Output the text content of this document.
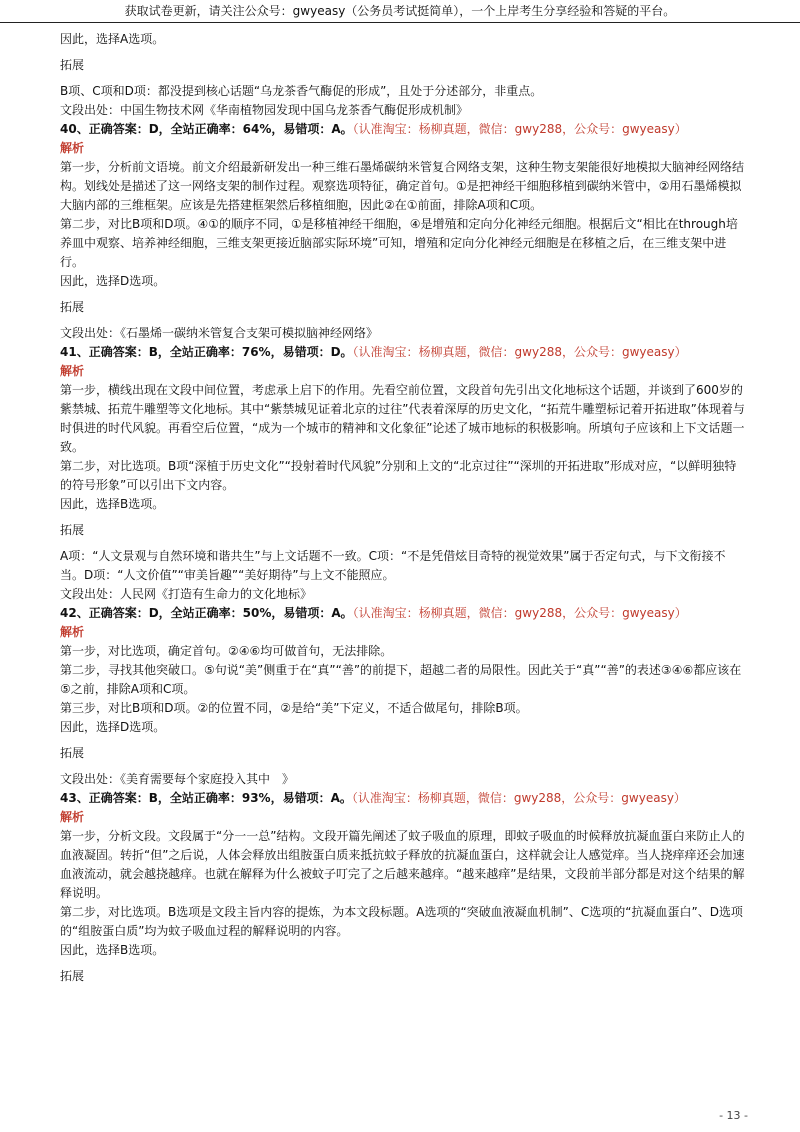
获取试卷更新，请关注公众号：gwyeasy（公务员考试挺简单），一个上岸考生分享经验和答疑的平台。

因此，选择A选项。

拓展

B项、C项和D项：都没提到核心话题“乌龙茶香气酶促的形成”，且处于分述部分，非重点。

文段出处：中国生物技术网《华南植物园发现中国乌龙茶香气酶促形成机制》

40、正确答案：D，全站正确率：64%，易错项：A。（认准淘宝：杨柳真题，微信：gwy288，公众号：gwyeasy）

解析

第一步，分析前文语境。前文介绍最新研发出一种三维石墨烯碳纳米管复合网络支架，这种生物支架能很好地模拟大脑神经网络结构。划线处是描述了这一网络支架的制作过程。观察选项特征，确定首句。①是把神经干细胞移植到碳纳米管中，②用石墨烯模拟大脑内部的三维框架。应该是先搭建框架然后移植细胞，因此②在①前面，排除A项和C项。

第二步，对比B项和D项。④①的顺序不同，①是移植神经干细胞，④是增殖和定向分化神经元细胞。根据后文“相比在through培养皿中观察、培养神经细胞，三维支架更接近脑部实际环境”可知，增殖和定向分化神经元细胞是在移植之后，在三维支架中进行。

因此，选择D选项。

拓展

文段出处：《石墨烯一碳纳米管复合支架可模拟脑神经网络》

41、正确答案：B，全站正确率：76%，易错项：D。（认准淘宝：杨柳真题，微信：gwy288，公众号：gwyeasy）

解析

第一步，横线出现在文段中间位置，考虑承上启下的作用。先看空前位置，文段首句先引出文化地标这个话题，并谈到了600岁的紫禁城、拓荒牛雕塑等文化地标。其中“紫禁城见证着北京的过往”代表着深厚的历史文化，“拓荒牛雕塑标记着开拓进取”体现着与时俱进的时代风貌。再看空后位置，“成为一个城市的精神和文化象征”论述了城市地标的积极影响。所填句子应该和上下文话题一致。

第二步，对比选项。B项“深植于历史文化”“投射着时代风貌”分别和上文的“北京过往”“深圳的开拓进取”形成对应，“以鲜明独特的符号形象”可以引出下文内容。

因此，选择B选项。

拓展

A项：“人文景观与自然环境和谐共生”与上文话题不一致。C项：“不是凭借炫目奇特的视觉效果”属于否定句式，与下文衔接不当。D项：“人文价值”“审美旨趣”“美好期待”与上文不能照应。

文段出处：人民网《打造有生命力的文化地标》

42、正确答案：D，全站正确率：50%，易错项：A。（认准淘宝：杨柳真题，微信：gwy288，公众号：gwyeasy）

解析

第一步，对比选项，确定首句。②④⑥均可做首句，无法排除。

第二步，寻找其他突破口。⑤句说“美”侧重于在“真”“善”的前提下，超越二者的局限性。因此关于“真”“善”的表述③④⑥都应该在⑤之前，排除A项和C项。

第三步，对比B项和D项。②的位置不同，②是给“美”下定义，不适合做尾句，排除B项。

因此，选择D选项。

拓展

文段出处：《美育需要每个家庭投入其中　》

43、正确答案：B，全站正确率：93%，易错项：A。（认准淘宝：杨柳真题，微信：gwy288，公众号：gwyeasy）

解析

第一步，分析文段。文段属于“分一一总”结构。文段开篇先阐述了蚊子吸血的原理，即蚊子吸血的时候释放抗凝血蛋白来防止人的血液凝固。转折“但”之后说，人体会释放出组胺蛋白质来抵抗蚊子释放的抗凝血蛋白，这样就会让人感觉痒。当人挠痒痒还会加速血液流动，就会越挠越痒。也就在解释为什么被蚊子叮完了之后越来越痒。“越来越痒”是结果，文段前半部分都是对这个结果的解释说明。

第二步，对比选项。B选项是文段主旨内容的提炼，为本文段标题。A选项的“突破血液凝血机制”、C选项的“抗凝血蛋白”、D选项的“组胺蛋白质”均为蚊子吸血过程的解释说明的内容。

因此，选择B选项。

拓展

- 13 -
